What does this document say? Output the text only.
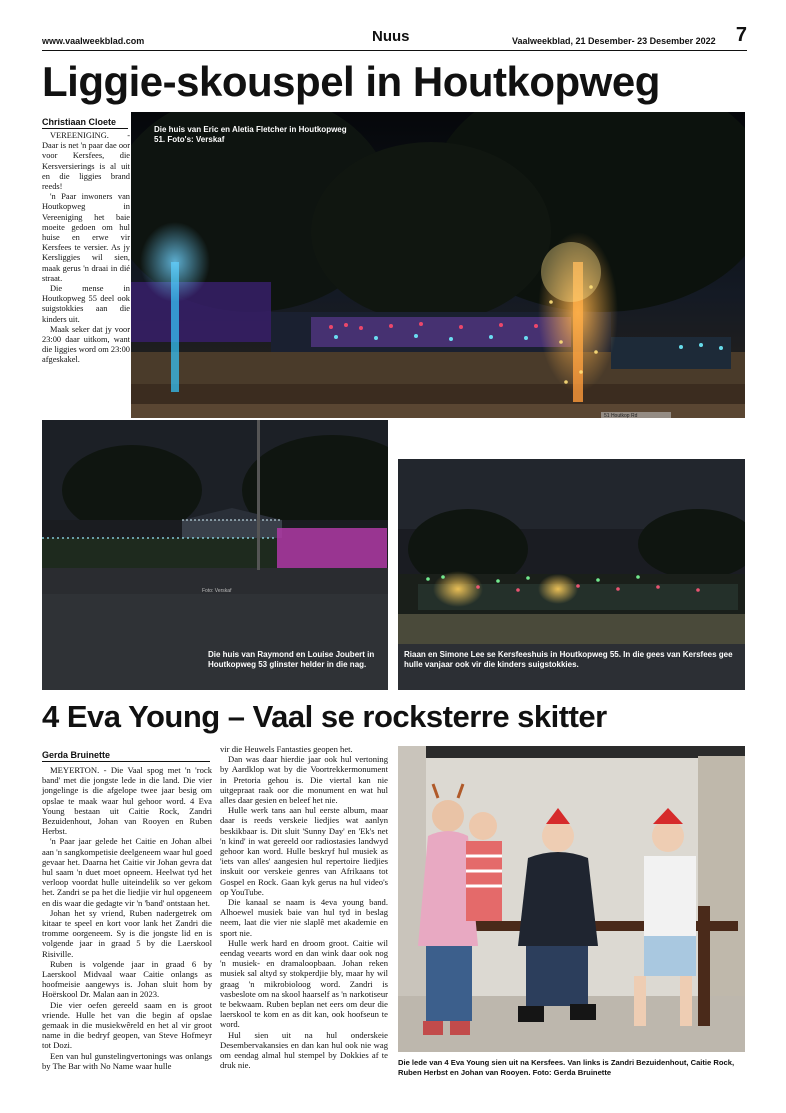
www.vaalweekblad.com	Nuus	Vaalweekblad, 21 Desember- 23 Desember 2022 7
Liggie-skouspel in Houtkopweg
Christiaan Cloete

VEREENIGING. - Daar is net 'n paar dae oor voor Kersfees, die Kersversierings is al uit en die liggies brand reeds!

'n Paar inwoners van Houtkopweg in Vereeniging het baie moeite gedoen om hul huise en erwe vir Kersfees te versier. As jy Kersliggies wil sien, maak gerus 'n draai in dié straat.

Die mense in Houtkopweg 55 deel ook suigstokkies aan die kinders uit.

Maak seker dat jy voor 23:00 daar uitkom, want die liggies word om 23:00 afgeskakel.

51 Houtkop Rd
Die huis van Eric en Aletia Fletcher in Houtkopweg 51. Foto's: Verskaf
Foto: Verskaf
Die huis van Raymond en Louise Joubert in Houtkopweg 53 glinster helder in die nag.
Riaan en Simone Lee se Kersfeeshuis in Houtkopweg 55. In die gees van Kersfees gee hulle vanjaar ook vir die kinders suigstokkies.
4 Eva Young – Vaal se rocksterre skitter
Gerda Bruinette

MEYERTON. - Die Vaal spog met 'n 'rock band' met die jongste lede in die land. Die vier jongelinge is die afgelope twee jaar besig om opslae te maak waar hul gehoor word. 4 Eva Young bestaan uit Caitie Rock, Zandri Bezuidenhout, Johan van Rooyen en Ruben Herbst.

'n Paar jaar gelede het Caitie en Johan albei aan 'n sangkompetisie deelgeneem waar hul goed gevaar het. Daarna het Caitie vir Johan gevra dat hul saam 'n duet moet opneem. Heelwat tyd het verloop voordat hulle uiteindelik so ver gekom het. Zandri se pa het die liedjie vir hul opgeneem en dis waar die gedagte vir 'n 'band' ontstaan het.

Johan het sy vriend, Ruben nadergetrek om kitaar te speel en kort voor lank het Zandri die tromme oorgeneem. Sy is die jongste lid en is volgende jaar in graad 5 by die Laerskool Risiville.

Ruben is volgende jaar in graad 6 by Laerskool Midvaal waar Caitie onlangs as hoofmeisie aangewys is. Johan sluit hom by Hoërskool Dr. Malan aan in 2023.

Die vier oefen gereeld saam en is groot vriende. Hulle het van die begin af opslae gemaak in die musiekwêreld en het al vir groot name in die bedryf geopen, van Steve Hofmeyr tot Dozi.

Een van hul gunstelingvertonings was onlangs by The Bar with No Name waar hulle

vir die Heuwels Fantasties geopen het.

Dan was daar hierdie jaar ook hul vertoning by Aardklop wat by die Voortrekkermonument in Pretoria gehou is. Die viertal kan nie uitgepraat raak oor die monument en wat hul alles daar gesien en beleef het nie.

Hulle werk tans aan hul eerste album, maar daar is reeds verskeie liedjies wat aanlyn beskikbaar is. Dit sluit 'Sunny Day' en 'Ek's net 'n kind' in wat gereeld oor radiostasies landwyd gehoor kan word. Hulle beskryf hul musiek as 'iets van alles' aangesien hul repertoire liedjies inskuit oor verskeie genres van Afrikaans tot Gospel en Rock. Gaan kyk gerus na hul video's op YouTube.

Die kanaal se naam is 4eva young band. Alhoewel musiek baie van hul tyd in beslag neem, laat die vier nie slaplê met akademie en sport nie.

Hulle werk hard en droom groot. Caitie wil eendag veearts word en dan wink daar ook nog 'n musiek- en dramaloopbaan. Johan reken musiek sal altyd sy stokperdjie bly, maar hy wil graag 'n mikrobioloog word. Zandri is vasbeslote om na skool haarself as 'n narkotiseur te bekwaam. Ruben beplan net eers om deur die laerskool te kom en as dit kan, ook hoofseun te word.

Hul sien uit na hul onderskeie Desembervakansies en dan kan hul ook nie wag om eendag almal hul stempel by Dokkies af te druk nie.	Die lede van 4 Eva Young sien uit na Kersfees. Van links is Zandri Bezuidenhout, Caitie Rock, Ruben Herbst en Johan van Rooyen. Foto: Gerda Bruinette
